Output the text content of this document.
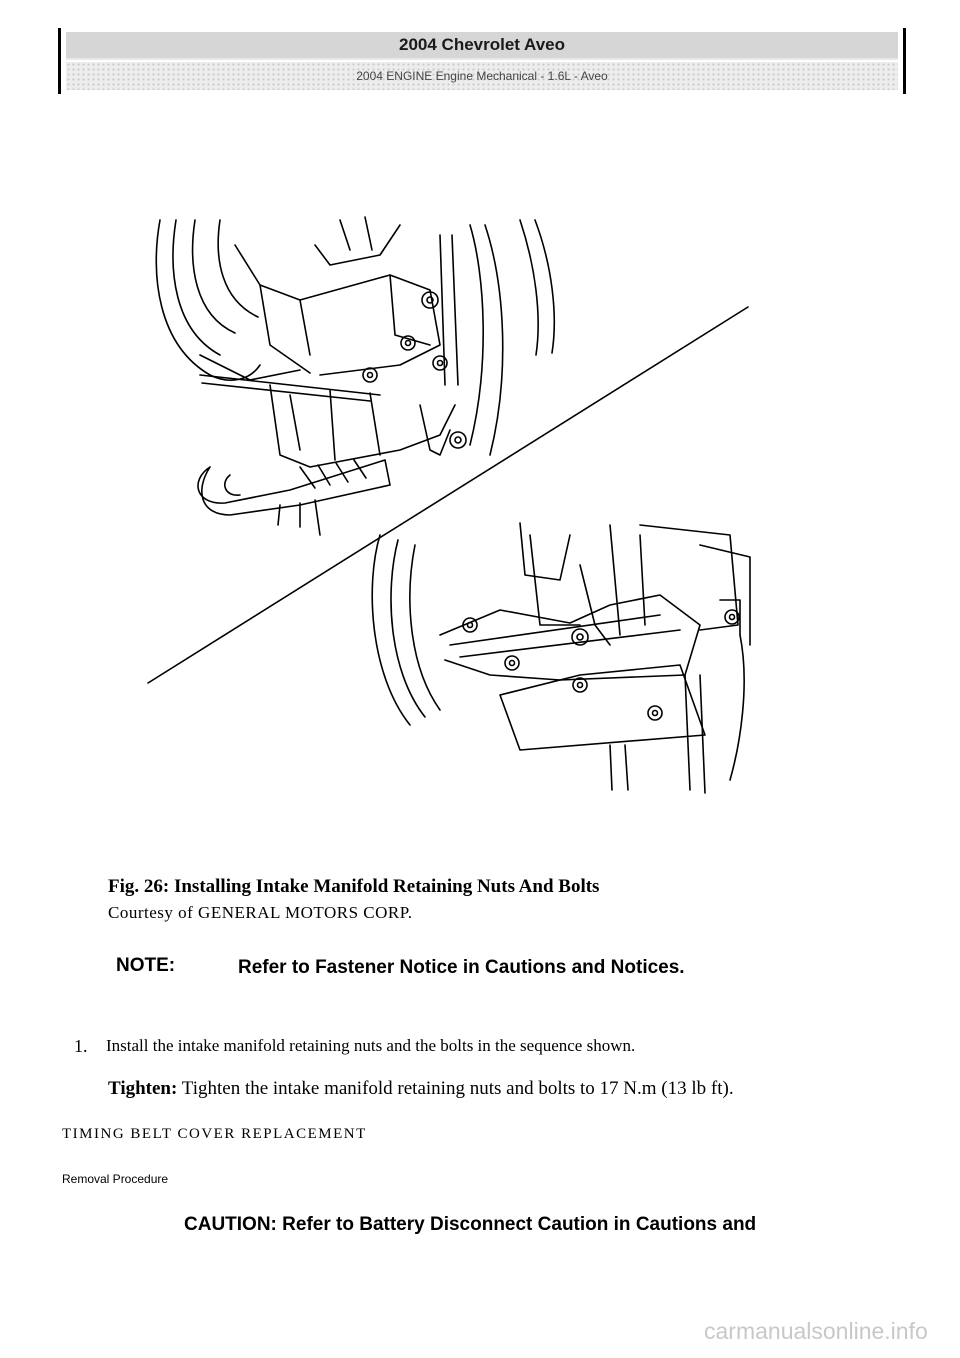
2004 Chevrolet Aveo
2004 ENGINE Engine Mechanical - 1.6L - Aveo
Fig. 26: Installing Intake Manifold Retaining Nuts And Bolts
Courtesy of GENERAL MOTORS CORP.
NOTE:	Refer to Fastener Notice in Cautions and Notices.
1. Install the intake manifold retaining nuts and the bolts in the sequence shown.
Tighten: Tighten the intake manifold retaining nuts and bolts to 17 N.m (13 lb ft).
TIMING BELT COVER REPLACEMENT
Removal Procedure
CAUTION: Refer to Battery Disconnect Caution in Cautions and
carmanualsonline.info
